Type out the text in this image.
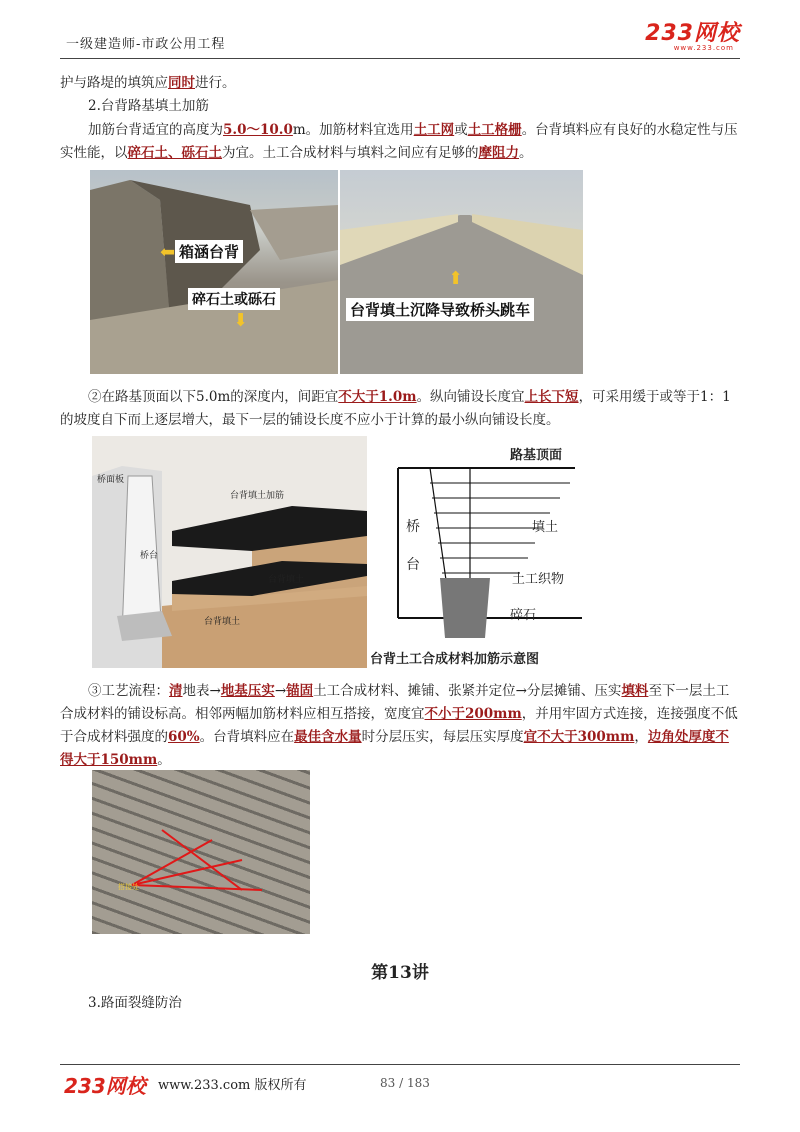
一级建造师-市政公用工程	233网校
www.233.com
护与路堤的填筑应同时进行。
2.台背路基填土加筋
加筋台背适宜的高度为5.0～10.0m。加筋材料宜选用土工网或土工格栅。台背填料应有良好的水稳定性与压实性能，以碎石土、砾石土为宜。土工合成材料与填料之间应有足够的摩阻力。
箱涵台背
碎石土或砾石
⬅
⬇	台背填土沉降导致桥头跳车
⬆
②在路基顶面以下5.0m的深度内，间距宜不大于1.0m。纵向铺设长度宜上长下短，可采用缓于或等于1：1的坡度自下而上逐层增大，最下一层的铺设长度不应小于计算的最小纵向铺设长度。
桥面板
桥台
台背填土加筋
台背填土
台背填土
路基顶面
桥
台
填土
土工织物
碎石
台背土工合成材料加筋示意图
③工艺流程：清地表→地基压实→锚固土工合成材料、摊铺、张紧并定位→分层摊铺、压实填料至下一层土工合成材料的铺设标高。相邻两幅加筋材料应相互搭接，宽度宜不小于200mm，并用牢固方式连接，连接强度不低于合成材料强度的60%。台背填料应在最佳含水量时分层压实，每层压实厚度宜不大于300mm，边角处厚度不得大于150mm。
搭接处
第13讲
3.路面裂缝防治
233网校 www.233.com 版权所有	83 / 183
